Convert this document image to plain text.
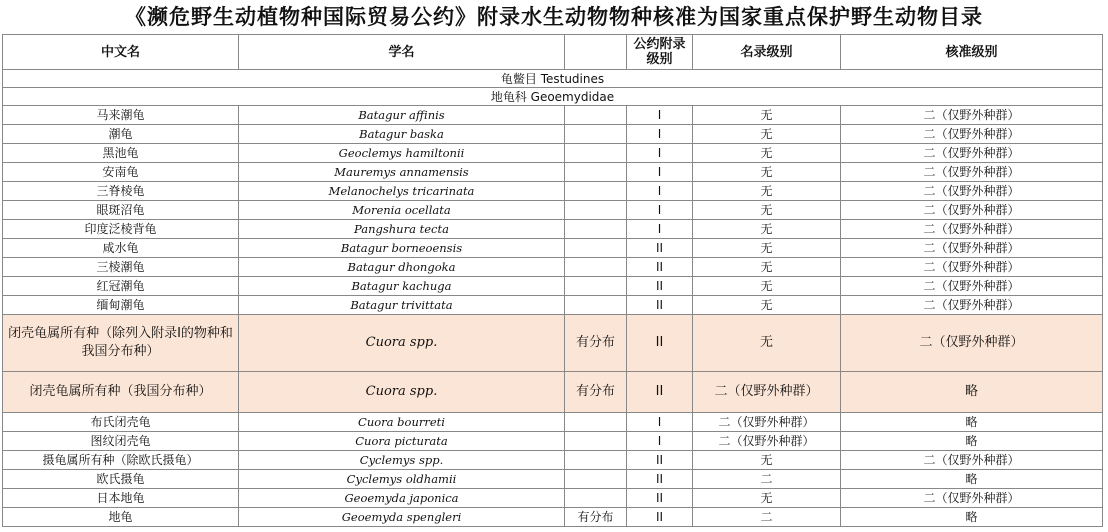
《濒危野生动植物种国际贸易公约》附录水生动物物种核准为国家重点保护野生动物目录
中文名	学名		公约附录级别	名录级别	核准级别
龟鳖目 Testudines					
地龟科 Geoemydidae					
马来潮龟	Batagur affinis		I	无	二（仅野外种群）
潮龟	Batagur baska		I	无	二（仅野外种群）
黑池龟	Geoclemys hamiltonii		I	无	二（仅野外种群）
安南龟	Mauremys annamensis		I	无	二（仅野外种群）
三脊棱龟	Melanochelys tricarinata		I	无	二（仅野外种群）
眼斑沼龟	Morenia ocellata		I	无	二（仅野外种群）
印度泛棱背龟	Pangshura tecta		I	无	二（仅野外种群）
咸水龟	Batagur borneoensis		II	无	二（仅野外种群）
三棱潮龟	Batagur dhongoka		II	无	二（仅野外种群）
红冠潮龟	Batagur kachuga		II	无	二（仅野外种群）
缅甸潮龟	Batagur trivittata		II	无	二（仅野外种群）
闭壳龟属所有种（除列入附录I的物种和我国分布种）	Cuora spp.	有分布	II	无	二（仅野外种群）
闭壳龟属所有种（我国分布种）	Cuora spp.	有分布	II	二（仅野外种群）	略
布氏闭壳龟	Cuora bourreti		I	二（仅野外种群）	略
图纹闭壳龟	Cuora picturata		I	二（仅野外种群）	略
摄龟属所有种（除欧氏摄龟）	Cyclemys spp.		II	无	二（仅野外种群）
欧氏摄龟	Cyclemys oldhamii		II	二	略
日本地龟	Geoemyda japonica		II	无	二（仅野外种群）
地龟	Geoemyda spengleri	有分布	II	二	略
